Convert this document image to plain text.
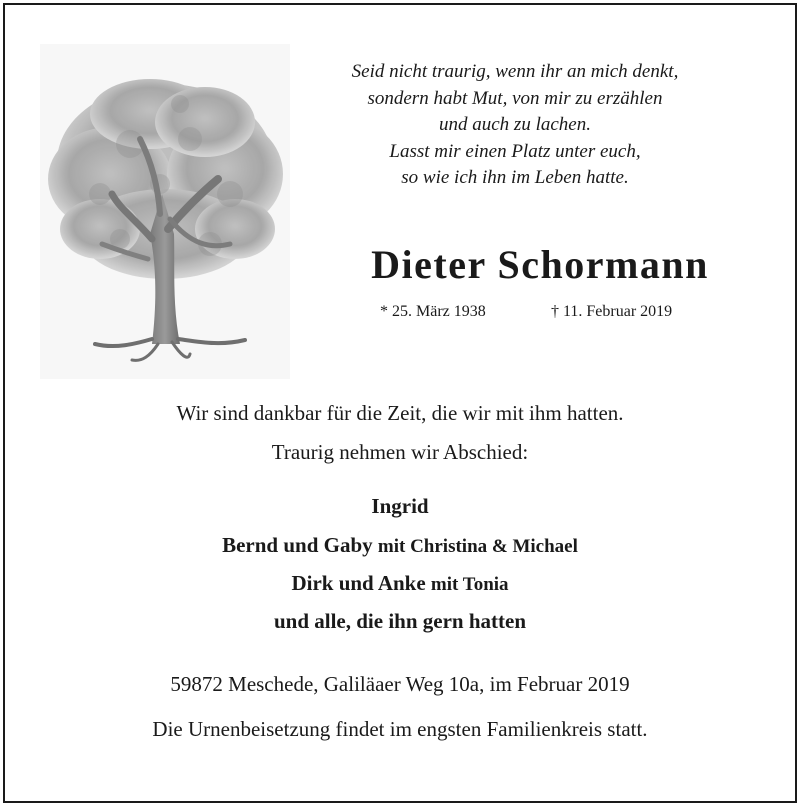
Seid nicht traurig, wenn ihr an mich denkt,
sondern habt Mut, von mir zu erzählen
und auch zu lachen.
Lasst mir einen Platz unter euch,
so wie ich ihn im Leben hatte.
Dieter Schormann
* 25. März 1938	† 11. Februar 2019
Wir sind dankbar für die Zeit, die wir mit ihm hatten.
Traurig nehmen wir Abschied:
Ingrid
Bernd und Gaby mit Christina & Michael
Dirk und Anke mit Tonia
und alle, die ihn gern hatten
59872 Meschede, Galiläaer Weg 10a, im Februar 2019
Die Urnenbeisetzung findet im engsten Familienkreis statt.
